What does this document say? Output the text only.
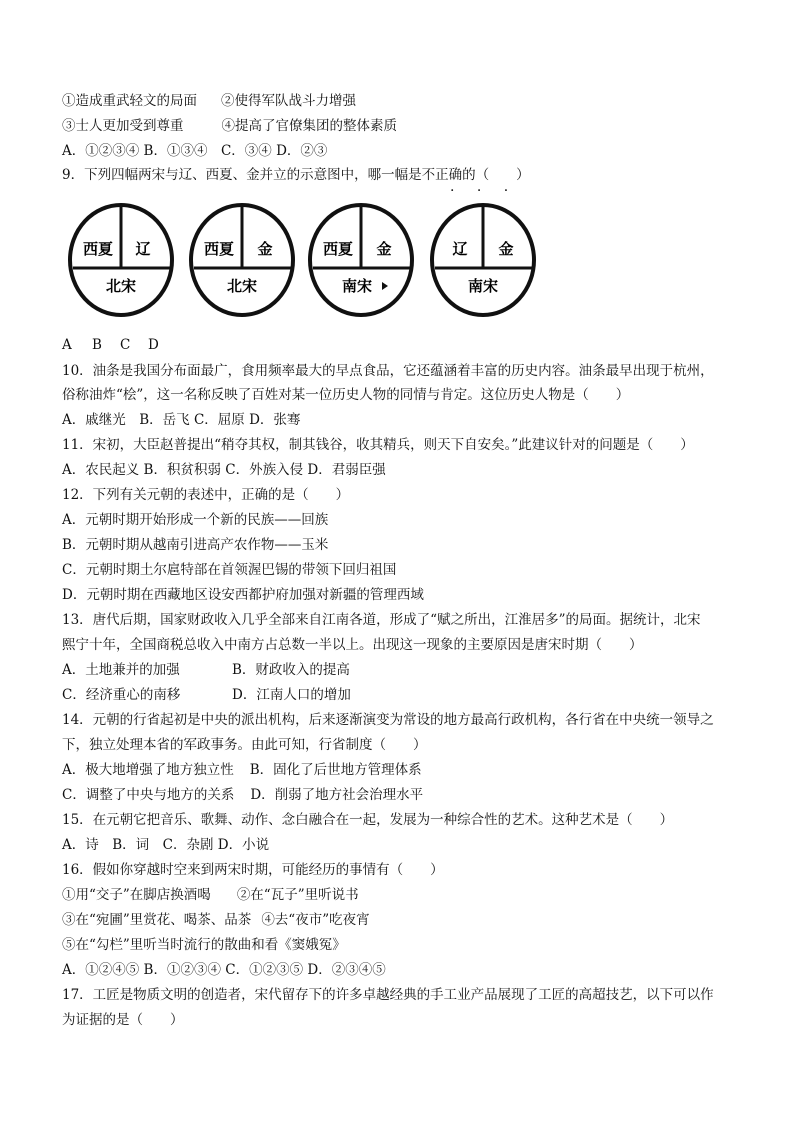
①造成重武轻文的局面 ②使得军队战斗力增强
③士人更加受到尊重	④提高了官僚集团的整体素质
A．①②③④ B．①③④　C．③④ D．②③
9．下列四幅两宋与辽、西夏、金并立的示意图中，哪一幅是不正确的（　　）
· · ·
西夏 辽
北宋
西夏 金
北宋
西夏 金
南宋
辽 金
南宋
A B C D
10．油条是我国分布面最广，食用频率最大的早点食品，它还蕴涵着丰富的历史内容。油条最早出现于杭州，
俗称油炸“桧”，这一名称反映了百姓对某一位历史人物的同情与肯定。这位历史人物是（　　）
A．戚继光　B．岳飞 C．屈原 D．张骞
11．宋初，大臣赵普提出“稍夺其权，制其钱谷，收其精兵，则天下自安矣。”此建议针对的问题是（　　）
A．农民起义 B．积贫积弱 C．外族入侵 D．君弱臣强
12．下列有关元朝的表述中，正确的是（　　）
A．元朝时期开始形成一个新的民族——回族
B．元朝时期从越南引进高产农作物——玉米
C．元朝时期土尔扈特部在首领渥巴锡的带领下回归祖国
D．元朝时期在西藏地区设安西都护府加强对新疆的管理西域
13．唐代后期，国家财政收入几乎全部来自江南各道，形成了“赋之所出，江淮居多”的局面。据统计，北宋
熙宁十年，全国商税总收入中南方占总数一半以上。出现这一现象的主要原因是唐宋时期（　　）
A．土地兼并的加强	B．财政收入的提高
C．经济重心的南移	D．江南人口的增加
14．元朝的行省起初是中央的派出机构，后来逐渐演变为常设的地方最高行政机构，各行省在中央统一领导之
下，独立处理本省的军政事务。由此可知，行省制度（　　）
A．极大地增强了地方独立性 B．固化了后世地方管理体系
C．调整了中央与地方的关系 D．削弱了地方社会治理水平
15．在元朝它把音乐、歌舞、动作、念白融合在一起，发展为一种综合性的艺术。这种艺术是（　　）
A．诗　B．词　C．杂剧 D．小说
16．假如你穿越时空来到两宋时期，可能经历的事情有（　　）
①用“交子”在脚店换酒喝 ②在“瓦子”里听说书
③在“宛圃”里赏花、喝茶、品茶 ④去“夜市”吃夜宵
⑤在“勾栏”里听当时流行的散曲和看《窦娥冤》
A．①②④⑤ B．①②③④ C．①②③⑤ D．②③④⑤
17．工匠是物质文明的创造者，宋代留存下的许多卓越经典的手工业产品展现了工匠的高超技艺，以下可以作
为证据的是（　　）
